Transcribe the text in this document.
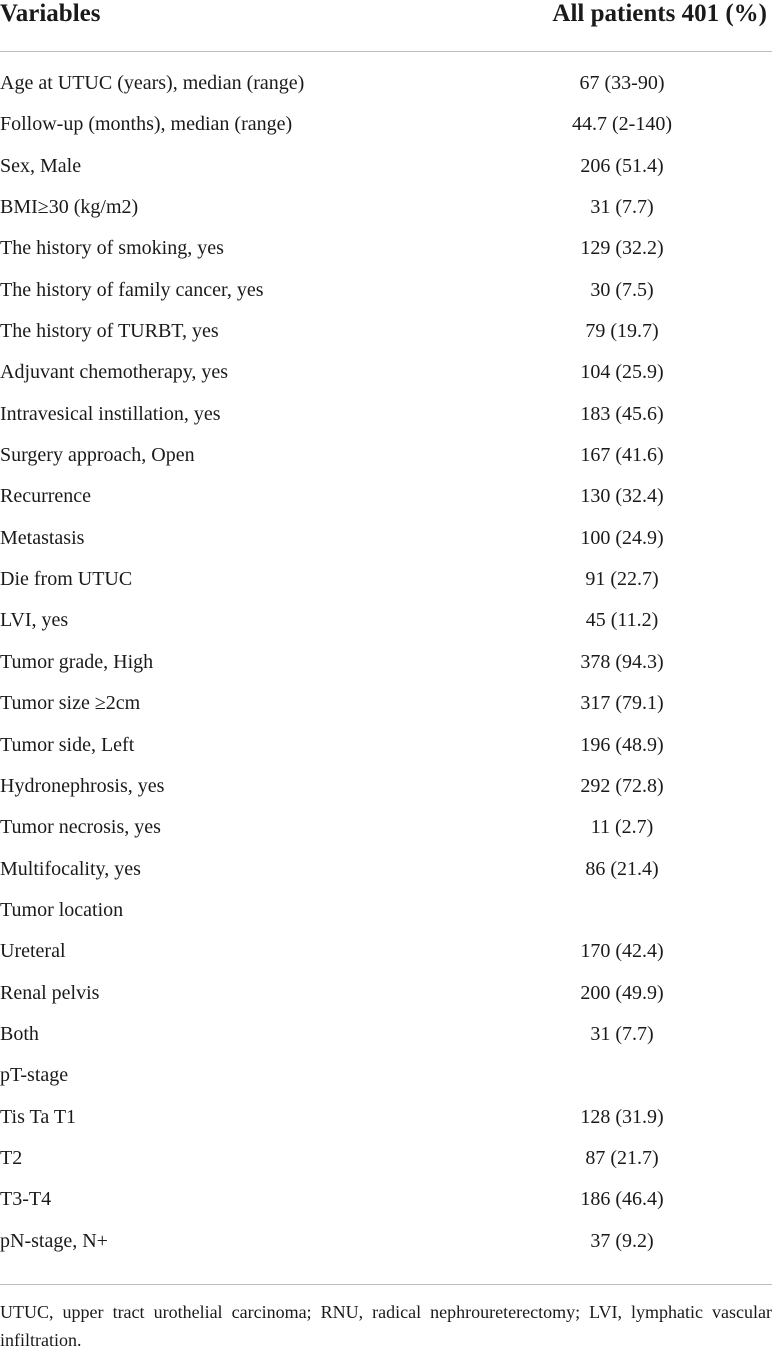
Variables	All patients 401 (%)
Age at UTUC (years), median (range)	67 (33-90)
Follow-up (months), median (range)	44.7 (2-140)
Sex, Male	206 (51.4)
BMI≥30 (kg/m2)	31 (7.7)
The history of smoking, yes	129 (32.2)
The history of family cancer, yes	30 (7.5)
The history of TURBT, yes	79 (19.7)
Adjuvant chemotherapy, yes	104 (25.9)
Intravesical instillation, yes	183 (45.6)
Surgery approach, Open	167 (41.6)
Recurrence	130 (32.4)
Metastasis	100 (24.9)
Die from UTUC	91 (22.7)
LVI, yes	45 (11.2)
Tumor grade, High	378 (94.3)
Tumor size ≥2cm	317 (79.1)
Tumor side, Left	196 (48.9)
Hydronephrosis, yes	292 (72.8)
Tumor necrosis, yes	11 (2.7)
Multifocality, yes	86 (21.4)
Tumor location
Ureteral	170 (42.4)
Renal pelvis	200 (49.9)
Both	31 (7.7)
pT-stage
Tis Ta T1	128 (31.9)
T2	87 (21.7)
T3-T4	186 (46.4)
pN-stage, N+	37 (9.2)
UTUC, upper tract urothelial carcinoma; RNU, radical nephroureterectomy; LVI, lymphatic vascular infiltration.
